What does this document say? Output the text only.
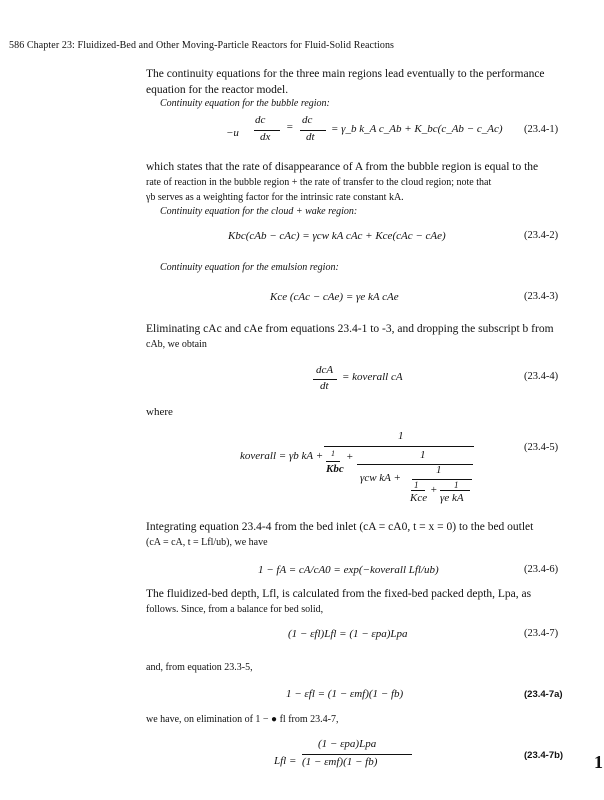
586 Chapter 23: Fluidized-Bed and Other Moving-Particle Reactors for Fluid-Solid Reactions
The continuity equations for the three main regions lead eventually to the performance
equation for the reactor model.
Continuity equation for the bubble region:
−u
dc
dx
=
dc
dt
= γ_b k_A c_Ab + K_bc(c_Ab − c_Ac) (23.4-1)
which states that the rate of disappearance of A from the bubble region is equal to the
rate of reaction in the bubble region + the rate of transfer to the cloud region; note that
γb serves as a weighting factor for the intrinsic rate constant kA.
Continuity equation for the cloud + wake region:
Kbc(cAb − cAc) = γcw kA cAc + Kce(cAc − cAe)	(23.4-2)
Continuity equation for the emulsion region:
Kce (cAc − cAe) = γe kA cAe	(23.4-3)
Eliminating cAc and cAe from equations 23.4-1 to -3, and dropping the subscript b from
cAb, we obtain
dcA
dt
= koverall cA	(23.4-4)
where
koverall = γb kA +
1
1
Kbc
+	1
γcw kA +
1
1
Kce
+ 1
γe kA
(23.4-5)
Integrating equation 23.4-4 from the bed inlet (cA = cA0, t = x = 0) to the bed outlet
(cA = cA, t = Lfl/ub), we have
1 − fA = cA/cA0 = exp(−koverall Lfl/ub)	(23.4-6)
The fluidized-bed depth, Lfl, is calculated from the fixed-bed packed depth, Lpa, as
follows. Since, from a balance for bed solid,
(1 − εfl)Lfl = (1 − εpa)Lpa	(23.4-7)
and, from equation 23.3-5,
1 − εfl = (1 − εmf)(1 − fb)	(23.4-7a)
we have, on elimination of 1 − ● fl from 23.4-7,
Lfl =
(1 − εpa)Lpa
(1 − εmf)(1 − fb)
(23.4-7b) 1
